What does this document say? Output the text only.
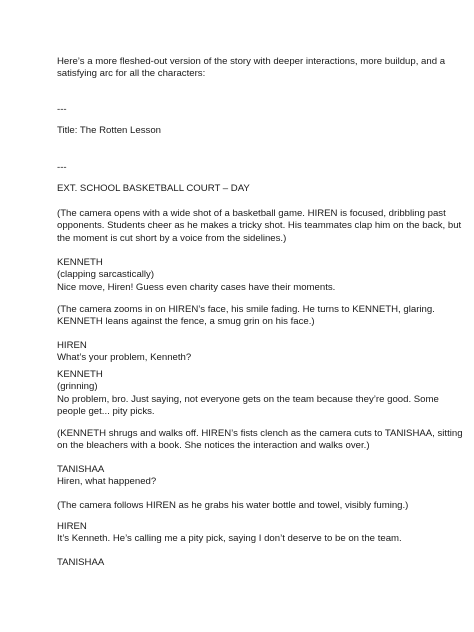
Here’s a more fleshed-out version of the story with deeper interactions, more buildup, and a
satisfying arc for all the characters:
---
Title: The Rotten Lesson
---
EXT. SCHOOL BASKETBALL COURT – DAY
(The camera opens with a wide shot of a basketball game. HIREN is focused, dribbling past
opponents. Students cheer as he makes a tricky shot. His teammates clap him on the back, but
the moment is cut short by a voice from the sidelines.)
KENNETH
(clapping sarcastically)
Nice move, Hiren! Guess even charity cases have their moments.
(The camera zooms in on HIREN’s face, his smile fading. He turns to KENNETH, glaring.
KENNETH leans against the fence, a smug grin on his face.)
HIREN
What’s your problem, Kenneth?
KENNETH
(grinning)
No problem, bro. Just saying, not everyone gets on the team because they’re good. Some
people get... pity picks.
(KENNETH shrugs and walks off. HIREN’s fists clench as the camera cuts to TANISHAA, sitting
on the bleachers with a book. She notices the interaction and walks over.)
TANISHAA
Hiren, what happened?
(The camera follows HIREN as he grabs his water bottle and towel, visibly fuming.)
HIREN
It’s Kenneth. He’s calling me a pity pick, saying I don’t deserve to be on the team.
TANISHAA
